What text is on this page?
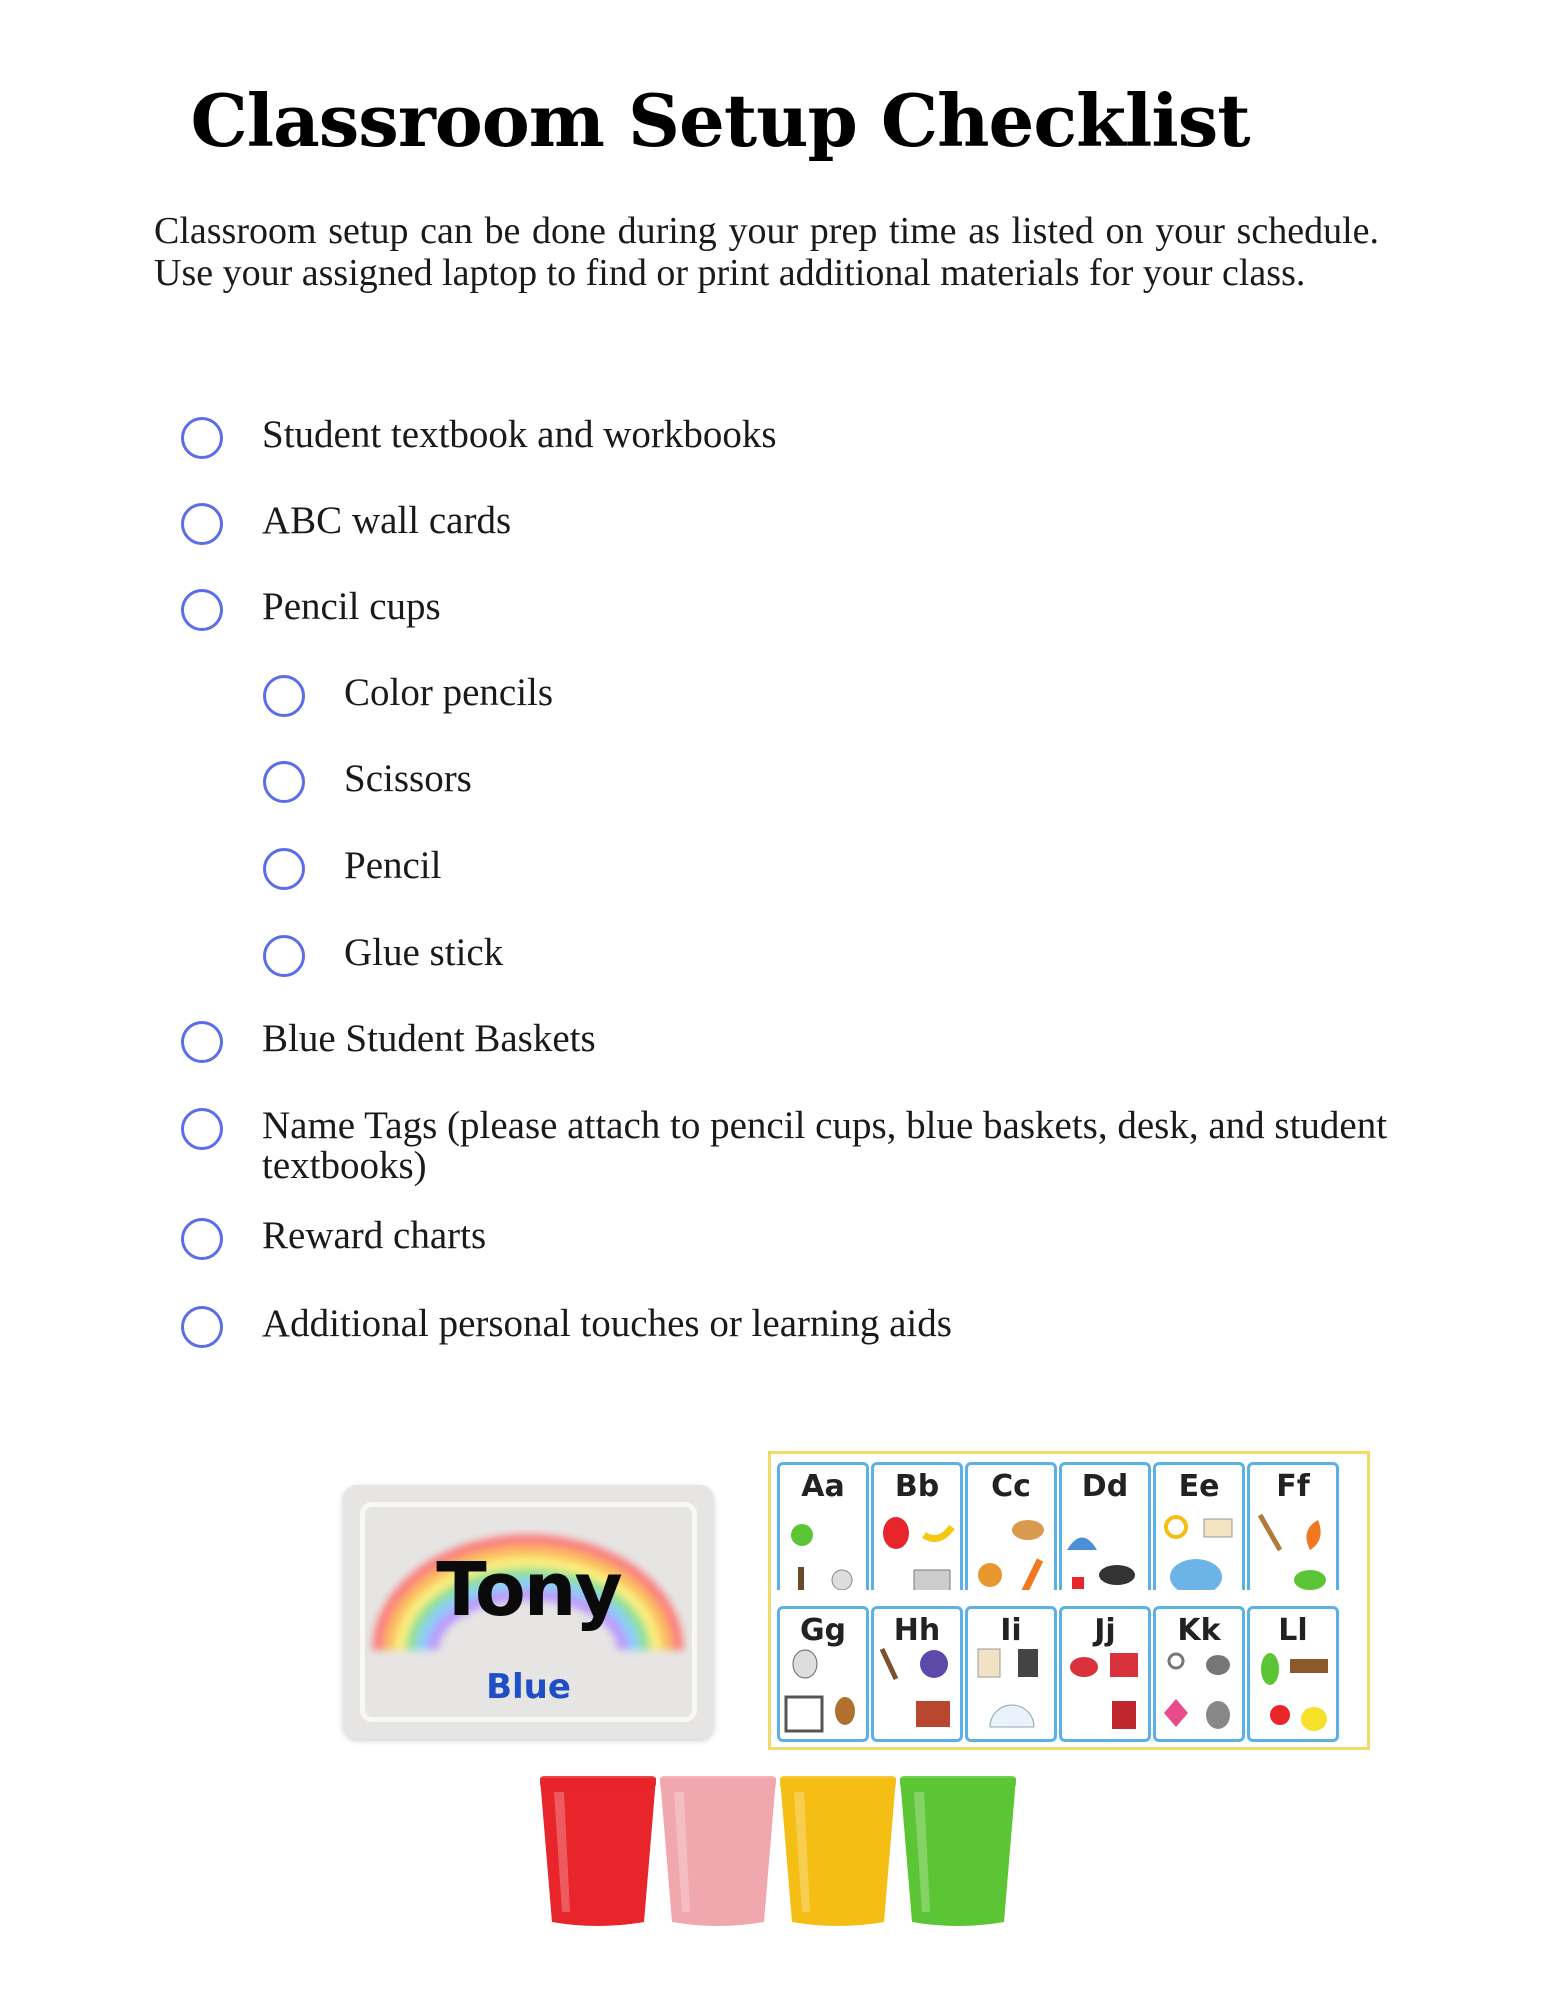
Classroom Setup Checklist

Classroom setup can be done during your prep time as listed on your schedule. Use your assigned laptop to find or print additional materials for your class.

Student textbook and workbooks
ABC wall cards
Pencil cups
Color pencils
Scissors
Pencil
Glue stick
Blue Student Baskets
Name Tags (please attach to pencil cups, blue baskets, desk, and student textbooks)
Reward charts
Additional personal touches or learning aids
Tony
Blue
Aa	Bb	Cc	Dd	Ee	Ff
Gg	Hh	Ii	Jj	Kk	Ll
